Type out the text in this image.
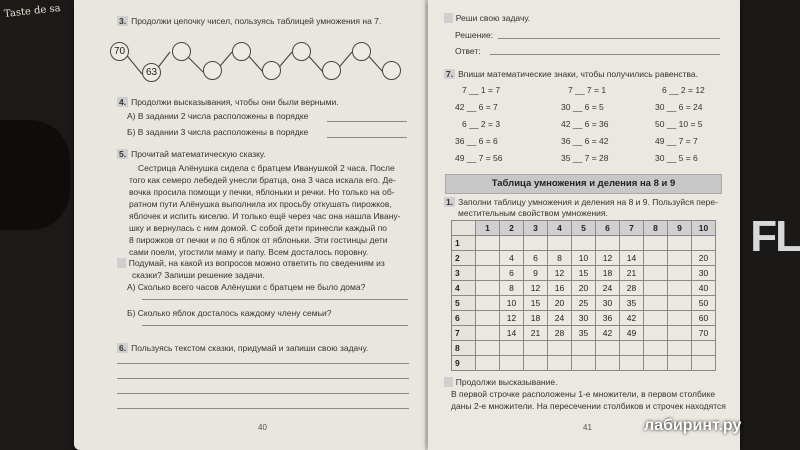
Taste de sa
FL
3. Продолжи цепочку чисел, пользуясь таблицей умножения на 7.
70
63
4. Продолжи высказывания, чтобы они были верными.
А) В задании 2 числа расположены в порядке
Б) В задании 3 числа расположены в порядке
5. Прочитай математическую сказку.
Сестрица Алёнушка сидела с братцем Иванушкой 2 часа. После
того как семеро лебедей унесли братца, она 3 часа искала его. Де-
вочка просила помощи у печки, яблоньки и речки. Но только на об-
ратном пути Алёнушка выполнила их просьбу откушать пирожков,
яблочек и испить киселю. И только ещё через час она нашла Ивану-
шку и вернулась с ним домой. С собой дети принесли каждый по
8 пирожков от печки и по 6 яблок от яблоньки. Эти гостинцы дети
сами поели, угостили маму и папу. Всем досталось поровну.
Подумай, на какой из вопросов можно ответить по сведениям из
сказки? Запиши решение задачи.
А) Сколько всего часов Алёнушки с братцем не было дома?
Б) Сколько яблок досталось каждому члену семьи?
6. Пользуясь текстом сказки, придумай и запиши свою задачу.
40
Реши свою задачу.
Решение:
Ответ:
7. Впиши математические знаки, чтобы получились равенства.
7 __ 1 = 7
42 __ 6 = 7
6 __ 2 = 3
36 __ 6 = 6
49 __ 7 = 56
7 __ 7 = 1
30 __ 6 = 5
42 __ 6 = 36
36 __ 6 = 42
35 __ 7 = 28
6 __ 2 = 12
30 __ 6 = 24
50 __ 10 = 5
49 __ 7 = 7
30 __ 5 = 6
Таблица умножения и деления на 8 и 9
1. Заполни таблицу умножения и деления на 8 и 9. Пользуйся пере-
местительным свойством умножения.
	1	2	3	4	5	6	7	8	9	10
1										
2		4	6	8	10	12	14			20
3		6	9	12	15	18	21			30
4		8	12	16	20	24	28			40
5		10	15	20	25	30	35			50
6		12	18	24	30	36	42			60
7		14	21	28	35	42	49			70
8										
9										
Продолжи высказывание.
В первой строчке расположены 1-е множители, в первом столбике
даны 2-е множители. На пересечении столбиков и строчек находятся
41	лабиринт.ру
